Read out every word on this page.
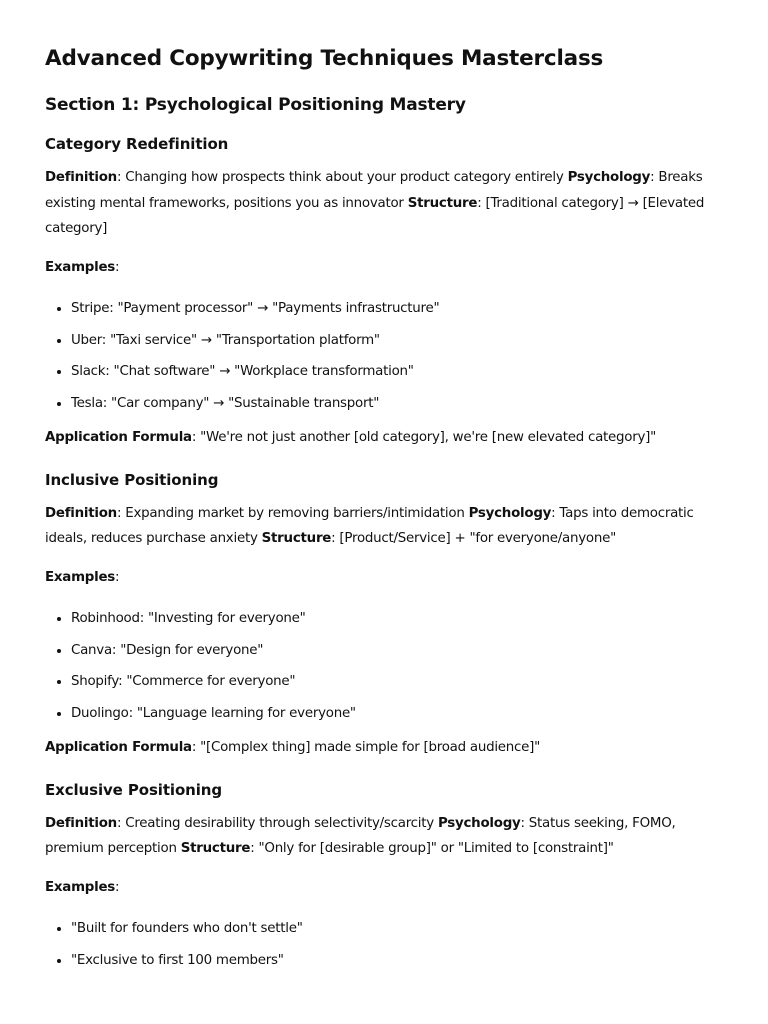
Advanced Copywriting Techniques Masterclass
Section 1: Psychological Positioning Mastery
Category Redefinition

Definition: Changing how prospects think about your product category entirely Psychology: Breaks existing mental frameworks, positions you as innovator Structure: [Traditional category] → [Elevated category]

Examples:

• Stripe: "Payment processor" → "Payments infrastructure"
• Uber: "Taxi service" → "Transportation platform"
• Slack: "Chat software" → "Workplace transformation"
• Tesla: "Car company" → "Sustainable transport"

Application Formula: "We're not just another [old category], we're [new elevated category]"

Inclusive Positioning

Definition: Expanding market by removing barriers/intimidation Psychology: Taps into democratic ideals, reduces purchase anxiety Structure: [Product/Service] + "for everyone/anyone"

Examples:

• Robinhood: "Investing for everyone"
• Canva: "Design for everyone"
• Shopify: "Commerce for everyone"
• Duolingo: "Language learning for everyone"

Application Formula: "[Complex thing] made simple for [broad audience]"

Exclusive Positioning

Definition: Creating desirability through selectivity/scarcity Psychology: Status seeking, FOMO, premium perception Structure: "Only for [desirable group]" or "Limited to [constraint]"

Examples:

• "Built for founders who don't settle"
• "Exclusive to first 100 members"
